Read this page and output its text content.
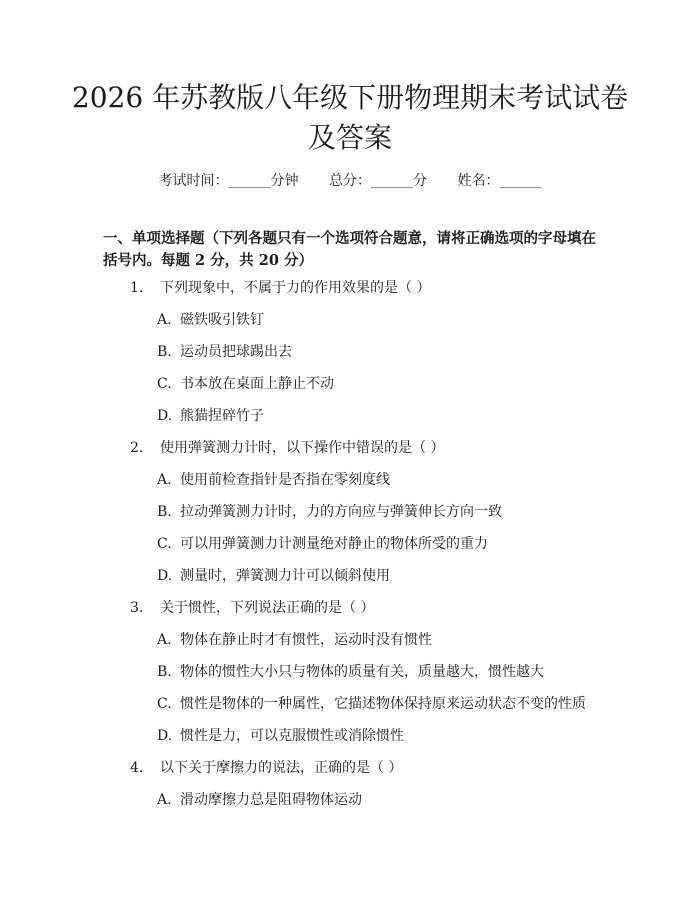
2026 年苏教版八年级下册物理期末考试试卷及答案
考试时间：______分钟 总分：______分 姓名：______

一、单项选择题（下列各题只有一个选项符合题意，请将正确选项的字母填在括号内。每题 2 分，共 20 分）

1. 下列现象中，不属于力的作用效果的是（ ）
A. 磁铁吸引铁钉
B. 运动员把球踢出去
C. 书本放在桌面上静止不动
D. 熊猫捏碎竹子
2. 使用弹簧测力计时，以下操作中错误的是（ ）
A. 使用前检查指针是否指在零刻度线
B. 拉动弹簧测力计时，力的方向应与弹簧伸长方向一致
C. 可以用弹簧测力计测量绝对静止的物体所受的重力
D. 测量时，弹簧测力计可以倾斜使用
3. 关于惯性，下列说法正确的是（ ）
A. 物体在静止时才有惯性，运动时没有惯性
B. 物体的惯性大小只与物体的质量有关，质量越大，惯性越大
C. 惯性是物体的一种属性，它描述物体保持原来运动状态不变的性质
D. 惯性是力，可以克服惯性或消除惯性
4. 以下关于摩擦力的说法，正确的是（ ）
A. 滑动摩擦力总是阻碍物体运动
